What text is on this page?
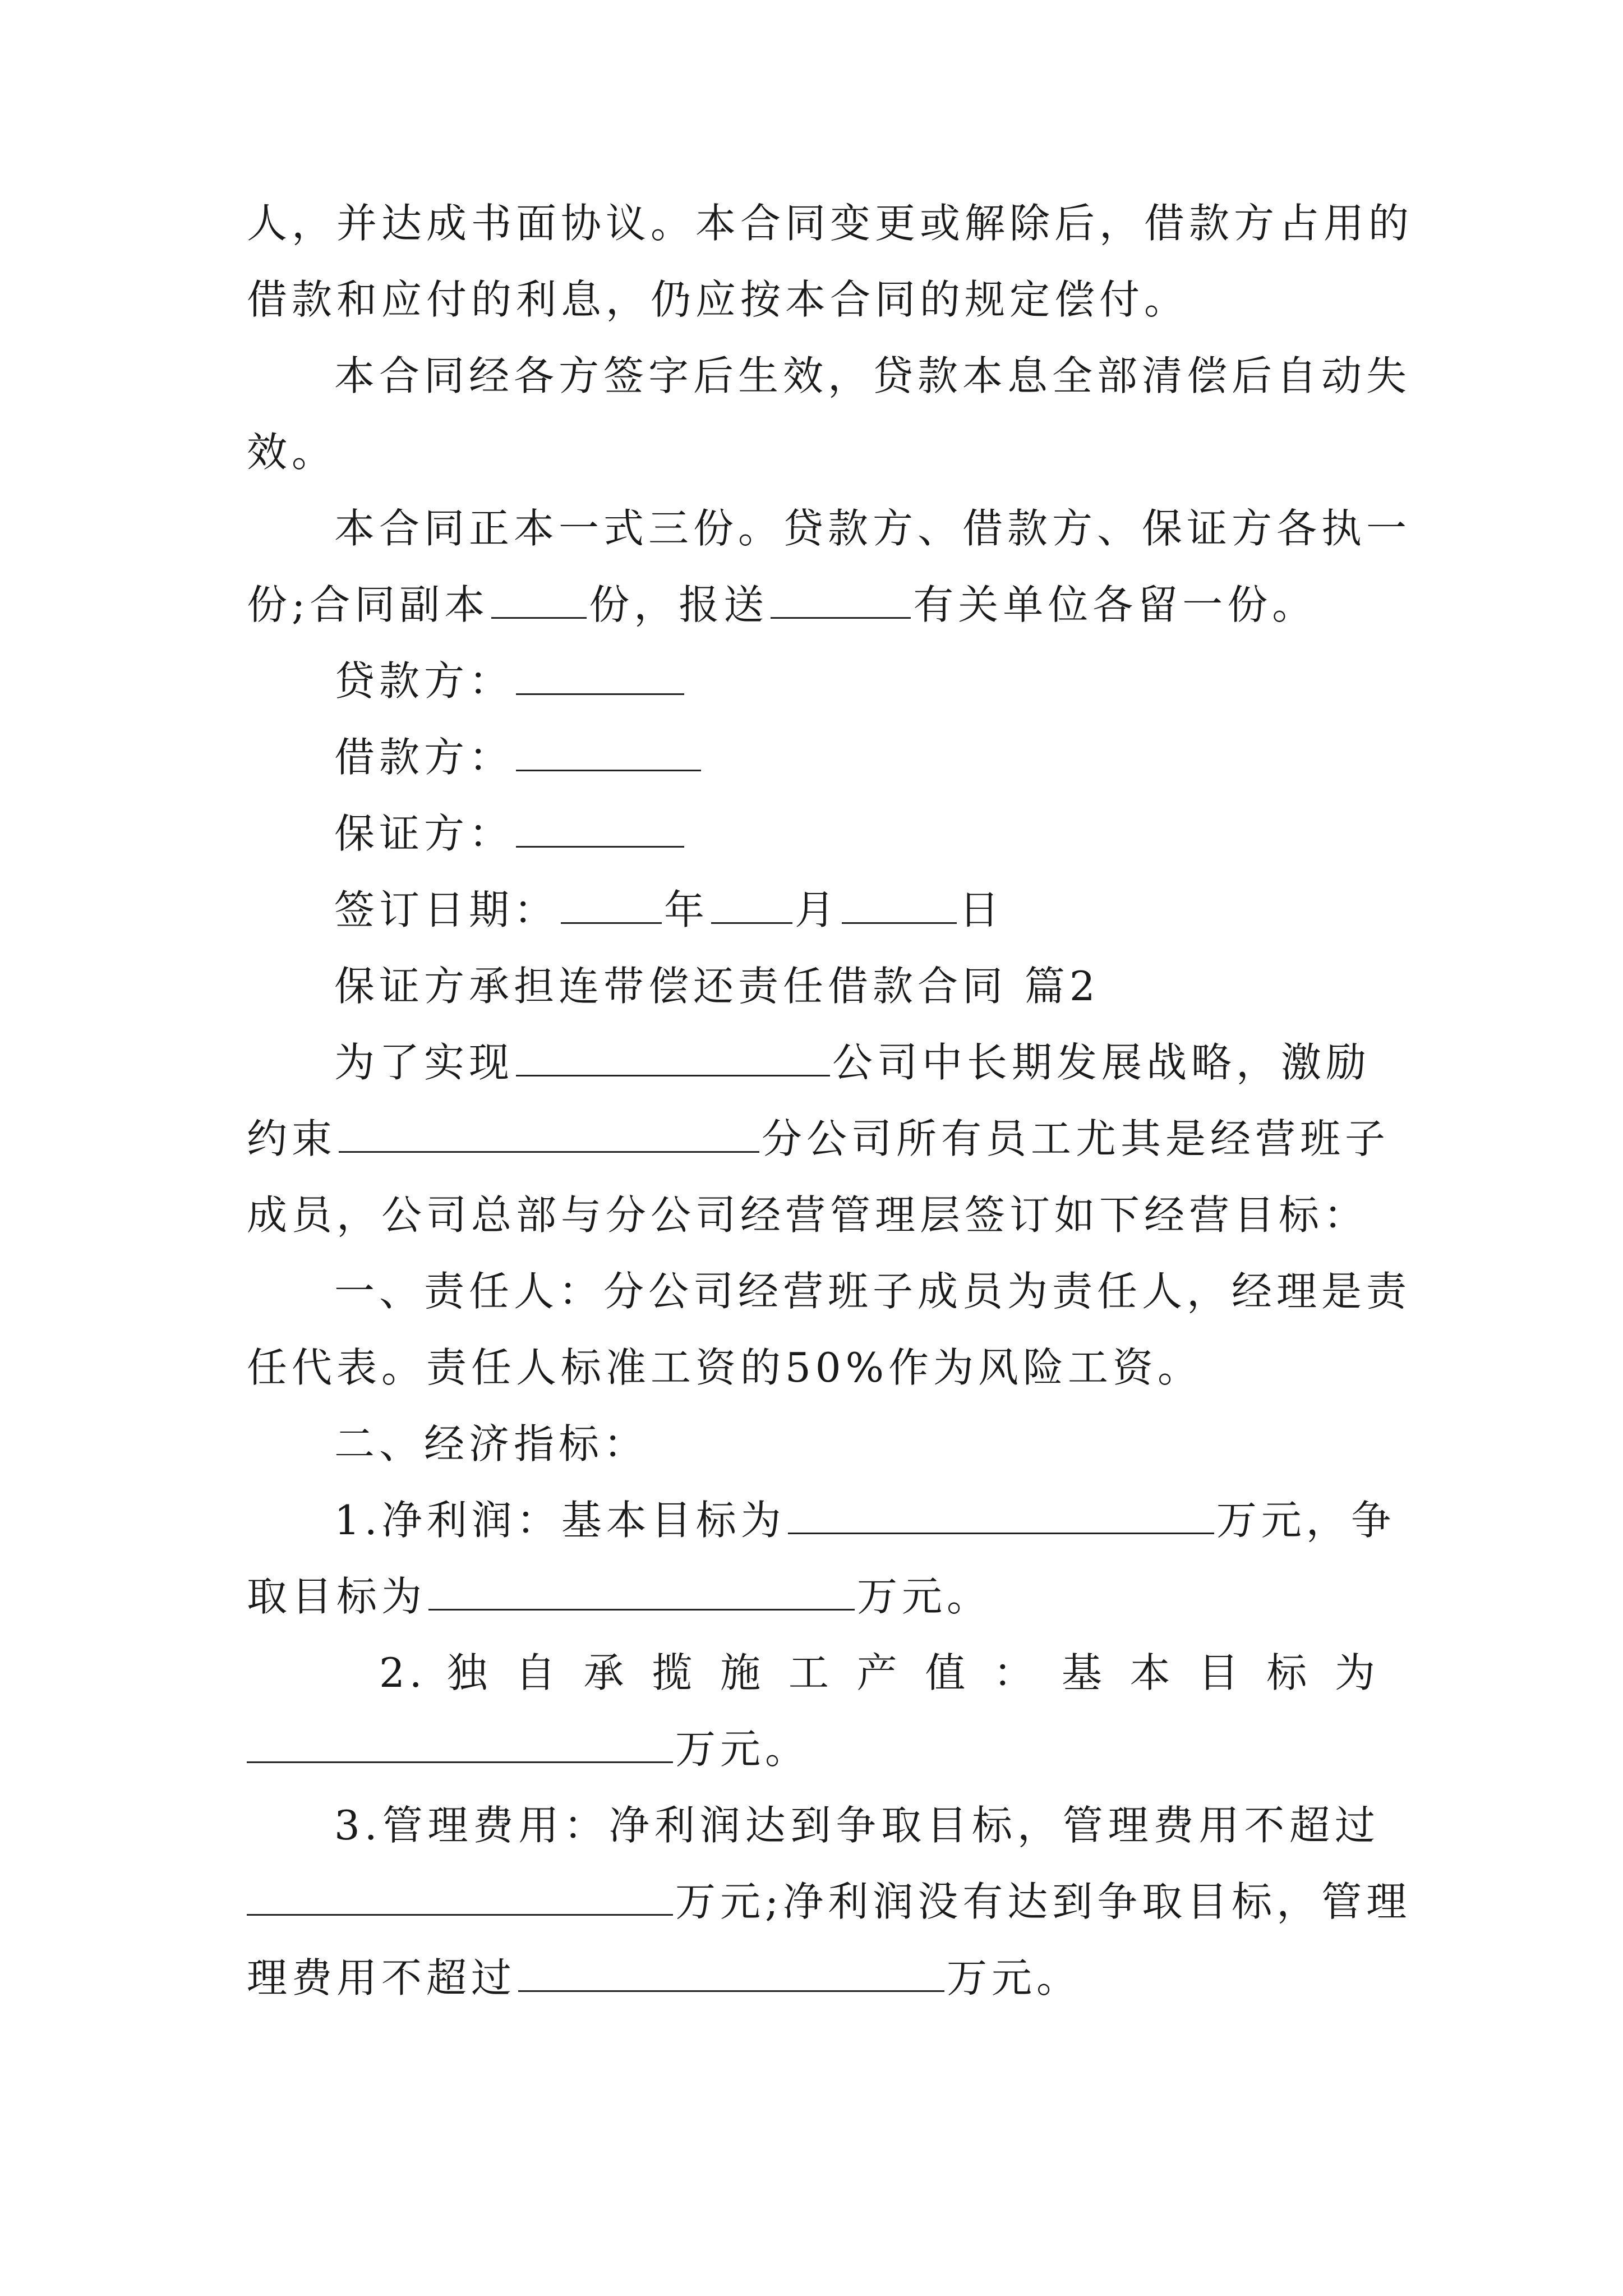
人，并达成书面协议。本合同变更或解除后，借款方占用的
借款和应付的利息，仍应按本合同的规定偿付。
本合同经各方签字后生效，贷款本息全部清偿后自动失
效。
本合同正本一式三份。贷款方、借款方、保证方各执一
份;合同副本 份，报送	有关单位各留一份。
贷款方：
借款方：
保证方：
签订日期：	年 月	日
保证方承担连带偿还责任借款合同 篇2
为了实现	公司中长期发展战略，激励
约束	分公司所有员工尤其是经营班子
成员，公司总部与分公司经营管理层签订如下经营目标：
一、责任人：分公司经营班子成员为责任人，经理是责
任代表。责任人标准工资的50%作为风险工资。
二、经济指标：
1.净利润：基本目标为	万元，争
取目标为	万元。
2. 独 自 承 揽 施 工 产 值 ： 基 本 目 标 为
万元。
3.管理费用：净利润达到争取目标，管理费用不超过
万元;净利润没有达到争取目标，管理
理费用不超过	万元。
